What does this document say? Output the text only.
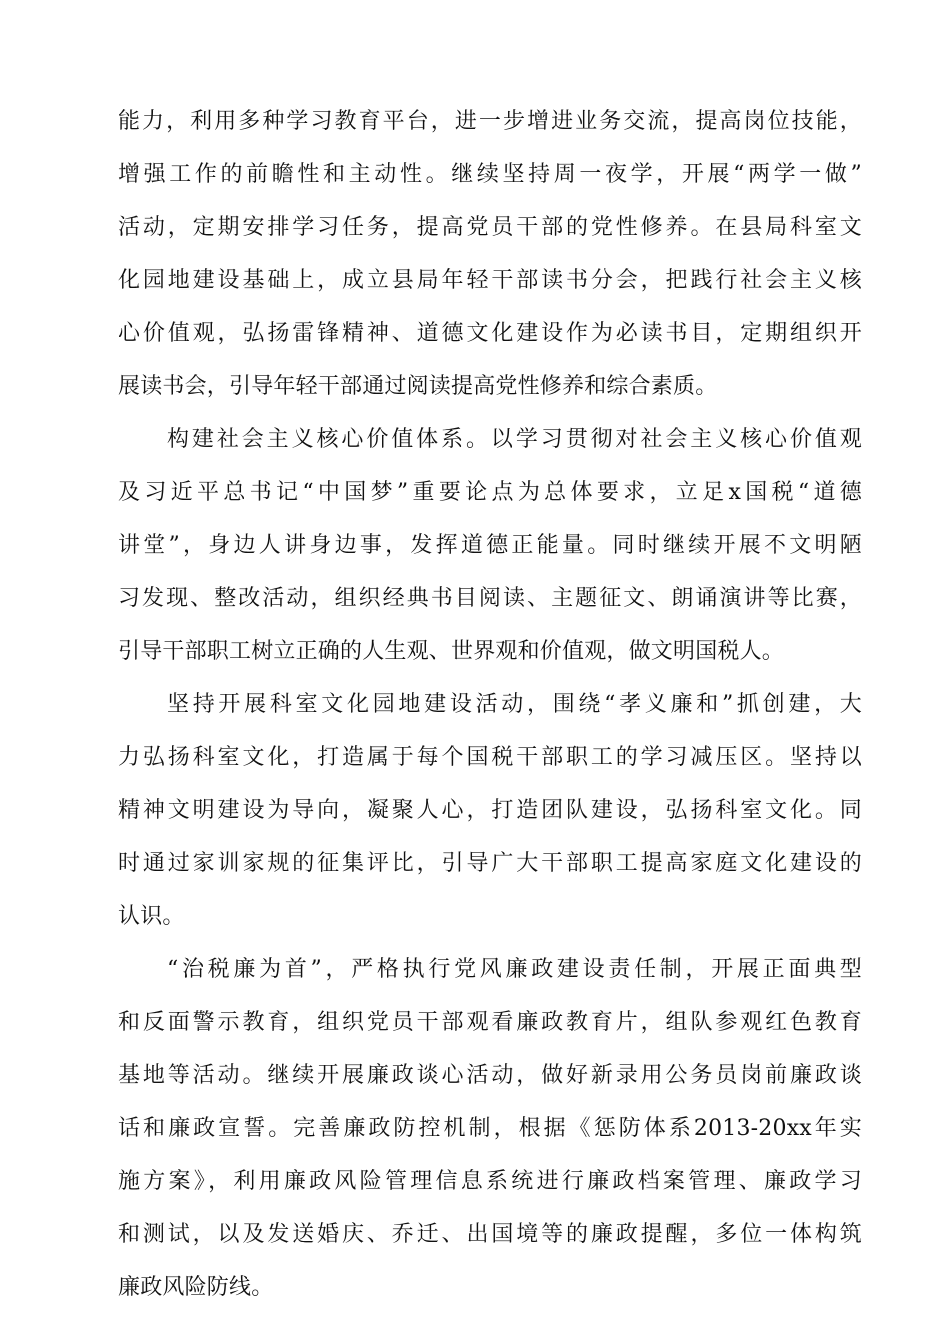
能力，利用多种学习教育平台，进一步增进业务交流，提高岗位技能，
增强工作的前瞻性和主动性。继续坚持周一夜学，开展“两学一做”
活动，定期安排学习任务，提高党员干部的党性修养。在县局科室文
化园地建设基础上，成立县局年轻干部读书分会，把践行社会主义核
心价值观，弘扬雷锋精神、道德文化建设作为必读书目，定期组织开
展读书会，引导年轻干部通过阅读提高党性修养和综合素质。
构建社会主义核心价值体系。以学习贯彻对社会主义核心价值观
及习近平总书记“中国梦”重要论点为总体要求，立足x国税“道德
讲堂”，身边人讲身边事，发挥道德正能量。同时继续开展不文明陋
习发现、整改活动，组织经典书目阅读、主题征文、朗诵演讲等比赛，
引导干部职工树立正确的人生观、世界观和价值观，做文明国税人。
坚持开展科室文化园地建设活动，围绕“孝义廉和”抓创建，大
力弘扬科室文化，打造属于每个国税干部职工的学习减压区。坚持以
精神文明建设为导向，凝聚人心，打造团队建设，弘扬科室文化。同
时通过家训家规的征集评比，引导广大干部职工提高家庭文化建设的
认识。
“治税廉为首”，严格执行党风廉政建设责任制，开展正面典型
和反面警示教育，组织党员干部观看廉政教育片，组队参观红色教育
基地等活动。继续开展廉政谈心活动，做好新录用公务员岗前廉政谈
话和廉政宣誓。完善廉政防控机制，根据《惩防体系2013-20xx年实
施方案》，利用廉政风险管理信息系统进行廉政档案管理、廉政学习
和测试，以及发送婚庆、乔迁、出国境等的廉政提醒，多位一体构筑
廉政风险防线。
